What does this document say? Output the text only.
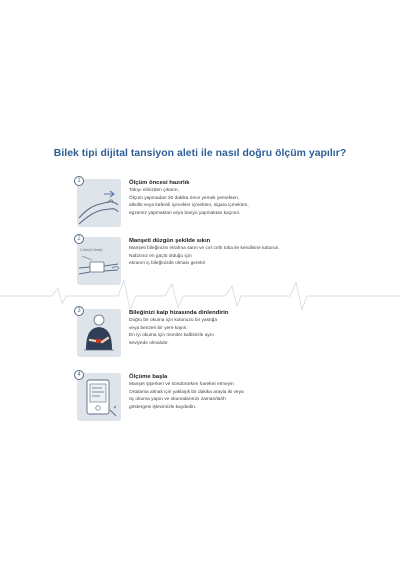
Bilek tipi dijital tansiyon aleti ile nasıl doğru ölçüm yapılır?
1	Ölçüm öncesi hazırlık
Takıyı elinizden çıkarın,
Ölçüm yapmadan 30 dakika önce yemek yemekten,
alkollü veya kafeinli içecekler içmekten, sigara içmekten,
egzersiz yapmaktan veya banyo yapmaktan kaçının.
1.0cm(0.4inch)
2	Manşeti düzgün şekilde sıkın
Manşeti bileğinizin etrafına sarın ve cırt cırtlı toka ile kendisine tutturun.
Nabzınız en güçlü olduğu için
ekranın iç bileğinizde olması gerekir
3	Bileğinizi kalp hizasında dinlendirin
Doğru bir okuma için kolunuzu bir yastığa
veya benzeri bir yere kayın.
En iyi okuma için monitör kalbinizle aynı
seviyede olmalıdır.
4	Ölçüme başla
Manşet şişerken ve söndürürken hareket etmeyin
Ortalama almak için yaklaşık bir dakika arayla iki veya
üç okuma yapın ve okumalarınızı zaman/tarih
göstergesi işlevimizle kaydedin.
